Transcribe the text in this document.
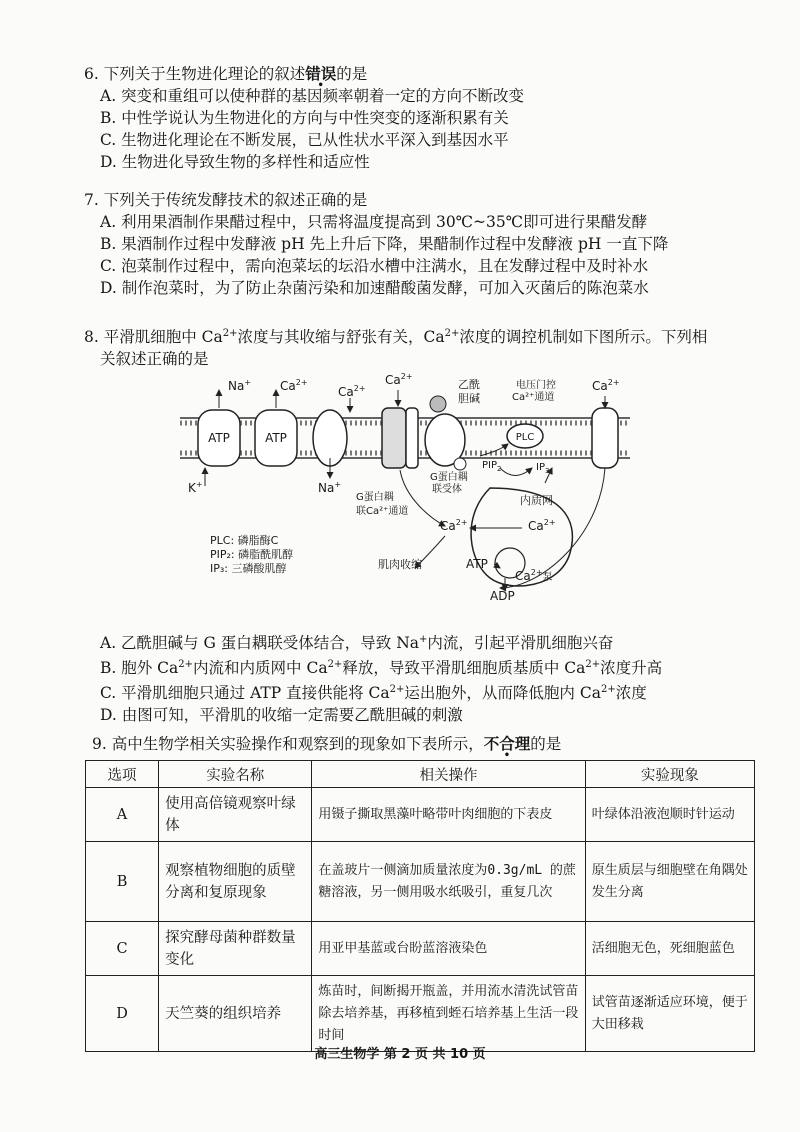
6. 下列关于生物进化理论的叙述错误的是
A. 突变和重组可以使种群的基因频率朝着一定的方向不断改变
B. 中性学说认为生物进化的方向与中性突变的逐渐积累有关
C. 生物进化理论在不断发展，已从性状水平深入到基因水平
D. 生物进化导致生物的多样性和适应性
7. 下列关于传统发酵技术的叙述正确的是
A. 利用果酒制作果醋过程中，只需将温度提高到 30℃~35℃即可进行果醋发酵
B. 果酒制作过程中发酵液 pH 先上升后下降，果醋制作过程中发酵液 pH 一直下降
C. 泡菜制作过程中，需向泡菜坛的坛沿水槽中注满水，且在发酵过程中及时补水
D. 制作泡菜时，为了防止杂菌污染和加速醋酸菌发酵，可加入灭菌后的陈泡菜水
8. 平滑肌细胞中 $Ca^{2+}$浓度与其收缩与舒张有关，$Ca^{2+}$浓度的调控机制如下图所示。下列相
关叙述正确的是
ATP
Na+
K+
ATP
$Ca^{2+}$
Na+
$Ca^{2+}$
$Ca^{2+}$
G蛋白耦
联Ca²⁺通道
乙酰
胆碱
G蛋白耦
联受体
电压门控
Ca²⁺通道
PLC
$PIP_2$	$IP_3$
$Ca^{2+}$
内质网
$Ca^{2+}$
$Ca^{2+}_泵$
ATP
ADP
$Ca^{2+}$
肌肉收缩
PLC: 磷脂酶C
PIP₂: 磷脂酰肌醇
IP₃: 三磷酸肌醇
A. 乙酰胆碱与 G 蛋白耦联受体结合，导致 Na+内流，引起平滑肌细胞兴奋
B. 胞外 $Ca^{2+}$内流和内质网中 $Ca^{2+}$释放，导致平滑肌细胞质基质中 $Ca^{2+}$浓度升高
C. 平滑肌细胞只通过 ATP 直接供能将 $Ca^{2+}$运出胞外，从而降低胞内 $Ca^{2+}$浓度
D. 由图可知，平滑肌的收缩一定需要乙酰胆碱的刺激
9. 高中生物学相关实验操作和观察到的现象如下表所示，不合理的是
选项	实验名称	相关操作	实验现象
A	使用高倍镜观察叶绿体	用镊子撕取黑藻叶略带叶肉细胞的下表皮	叶绿体沿液泡顺时针运动
B	观察植物细胞的质壁分离和复原现象	在盖玻片一侧滴加质量浓度为0.3g/mL 的蔗糖溶液，另一侧用吸水纸吸引，重复几次	原生质层与细胞壁在角隅处发生分离
C	探究酵母菌种群数量变化	用亚甲基蓝或台盼蓝溶液染色	活细胞无色，死细胞蓝色
D	天竺葵的组织培养	炼苗时，间断揭开瓶盖，并用流水清洗试管苗除去培养基，再移植到蛭石培养基上生活一段时间	试管苗逐渐适应环境，便于大田移栽
高三生物学 第 2 页 共 10 页
